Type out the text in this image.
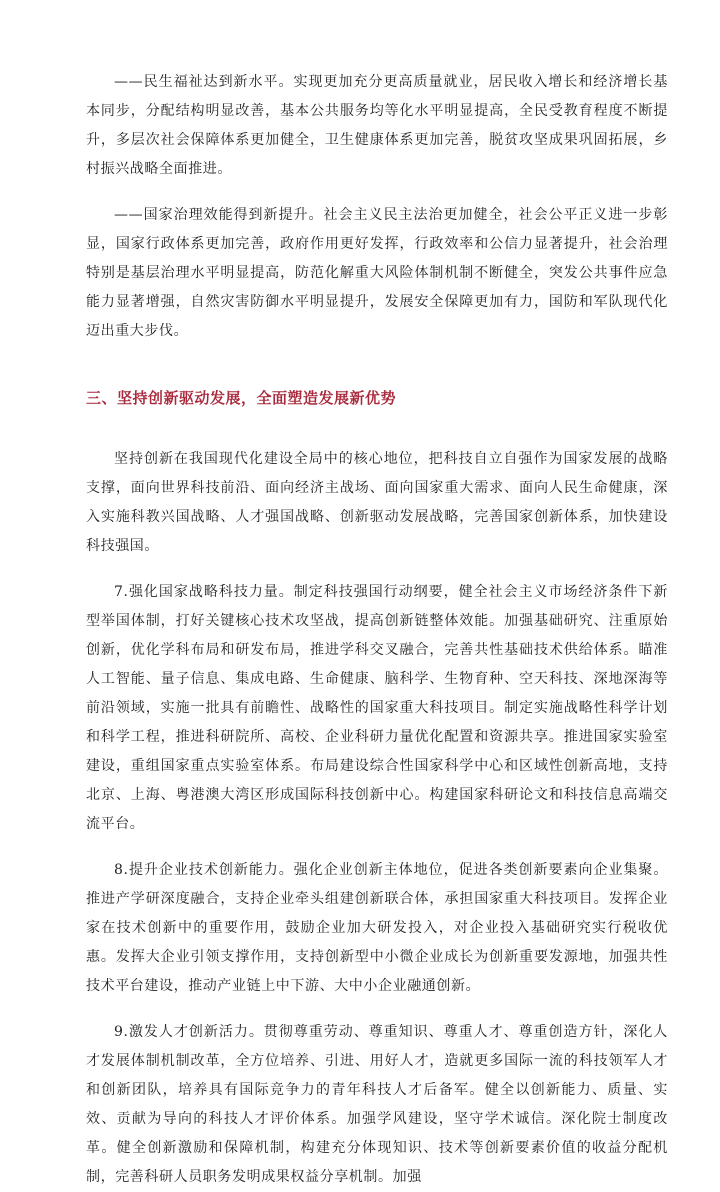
——民生福祉达到新水平。实现更加充分更高质量就业，居民收入增长和经济增长基本同步，分配结构明显改善，基本公共服务均等化水平明显提高，全民受教育程度不断提升，多层次社会保障体系更加健全，卫生健康体系更加完善，脱贫攻坚成果巩固拓展，乡村振兴战略全面推进。

——国家治理效能得到新提升。社会主义民主法治更加健全，社会公平正义进一步彰显，国家行政体系更加完善，政府作用更好发挥，行政效率和公信力显著提升，社会治理特别是基层治理水平明显提高，防范化解重大风险体制机制不断健全，突发公共事件应急能力显著增强，自然灾害防御水平明显提升，发展安全保障更加有力，国防和军队现代化迈出重大步伐。

三、坚持创新驱动发展，全面塑造发展新优势

坚持创新在我国现代化建设全局中的核心地位，把科技自立自强作为国家发展的战略支撑，面向世界科技前沿、面向经济主战场、面向国家重大需求、面向人民生命健康，深入实施科教兴国战略、人才强国战略、创新驱动发展战略，完善国家创新体系，加快建设科技强国。

7.强化国家战略科技力量。制定科技强国行动纲要，健全社会主义市场经济条件下新型举国体制，打好关键核心技术攻坚战，提高创新链整体效能。加强基础研究、注重原始创新，优化学科布局和研发布局，推进学科交叉融合，完善共性基础技术供给体系。瞄准人工智能、量子信息、集成电路、生命健康、脑科学、生物育种、空天科技、深地深海等前沿领域，实施一批具有前瞻性、战略性的国家重大科技项目。制定实施战略性科学计划和科学工程，推进科研院所、高校、企业科研力量优化配置和资源共享。推进国家实验室建设，重组国家重点实验室体系。布局建设综合性国家科学中心和区域性创新高地，支持北京、上海、粤港澳大湾区形成国际科技创新中心。构建国家科研论文和科技信息高端交流平台。

8.提升企业技术创新能力。强化企业创新主体地位，促进各类创新要素向企业集聚。推进产学研深度融合，支持企业牵头组建创新联合体，承担国家重大科技项目。发挥企业家在技术创新中的重要作用，鼓励企业加大研发投入，对企业投入基础研究实行税收优惠。发挥大企业引领支撑作用，支持创新型中小微企业成长为创新重要发源地，加强共性技术平台建设，推动产业链上中下游、大中小企业融通创新。

9.激发人才创新活力。贯彻尊重劳动、尊重知识、尊重人才、尊重创造方针，深化人才发展体制机制改革，全方位培养、引进、用好人才，造就更多国际一流的科技领军人才和创新团队，培养具有国际竞争力的青年科技人才后备军。健全以创新能力、质量、实效、贡献为导向的科技人才评价体系。加强学风建设，坚守学术诚信。深化院士制度改革。健全创新激励和保障机制，构建充分体现知识、技术等创新要素价值的收益分配机制，完善科研人员职务发明成果权益分享机制。加强
